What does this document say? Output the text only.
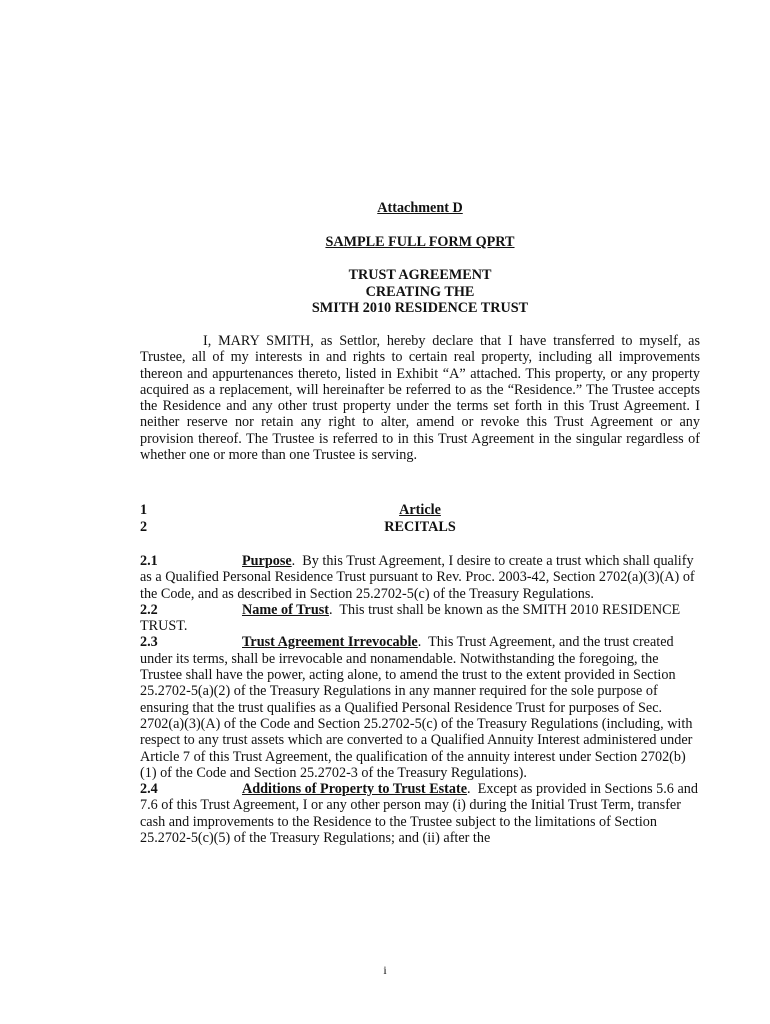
Attachment D
SAMPLE FULL FORM QPRT
TRUST AGREEMENT
CREATING THE
SMITH 2010 RESIDENCE TRUST

I, MARY SMITH, as Settlor, hereby declare that I have transferred to myself, as Trustee, all of my interests in and rights to certain real property, including all improvements thereon and appurtenances thereto, listed in Exhibit “A” attached. This property, or any property acquired as a replacement, will hereinafter be referred to as the “Residence.” The Trustee accepts the Residence and any other trust property under the terms set forth in this Trust Agreement. I neither reserve nor retain any right to alter, amend or revoke this Trust Agreement or any provision thereof. The Trustee is referred to in this Trust Agreement in the singular regardless of whether one or more than one Trustee is serving.

1	Article
2	RECITALS

2.1	Purpose.  By this Trust Agreement, I desire to create a trust which shall qualify as a Qualified Personal Residence Trust pursuant to Rev. Proc. 2003-42, Section 2702(a)(3)(A) of the Code, and as described in Section 25.2702-5(c) of the Treasury Regulations.

2.2	Name of Trust.  This trust shall be known as the SMITH 2010 RESIDENCE TRUST.

2.3	Trust Agreement Irrevocable.  This Trust Agreement, and the trust created under its terms, shall be irrevocable and nonamendable. Notwithstanding the foregoing, the Trustee shall have the power, acting alone, to amend the trust to the extent provided in Section 25.2702-5(a)(2) of the Treasury Regulations in any manner required for the sole purpose of ensuring that the trust qualifies as a Qualified Personal Residence Trust for purposes of Sec. 2702(a)(3)(A) of the Code and Section 25.2702-5(c) of the Treasury Regulations (including, with respect to any trust assets which are converted to a Qualified Annuity Interest administered under Article 7 of this Trust Agreement, the qualification of the annuity interest under Section 2702(b)(1) of the Code and Section 25.2702-3 of the Treasury Regulations).

2.4	Additions of Property to Trust Estate.  Except as provided in Sections 5.6 and 7.6 of this Trust Agreement, I or any other person may (i) during the Initial Trust Term, transfer cash and improvements to the Residence to the Trustee subject to the limitations of Section 25.2702-5(c)(5) of the Treasury Regulations; and (ii) after the

i
